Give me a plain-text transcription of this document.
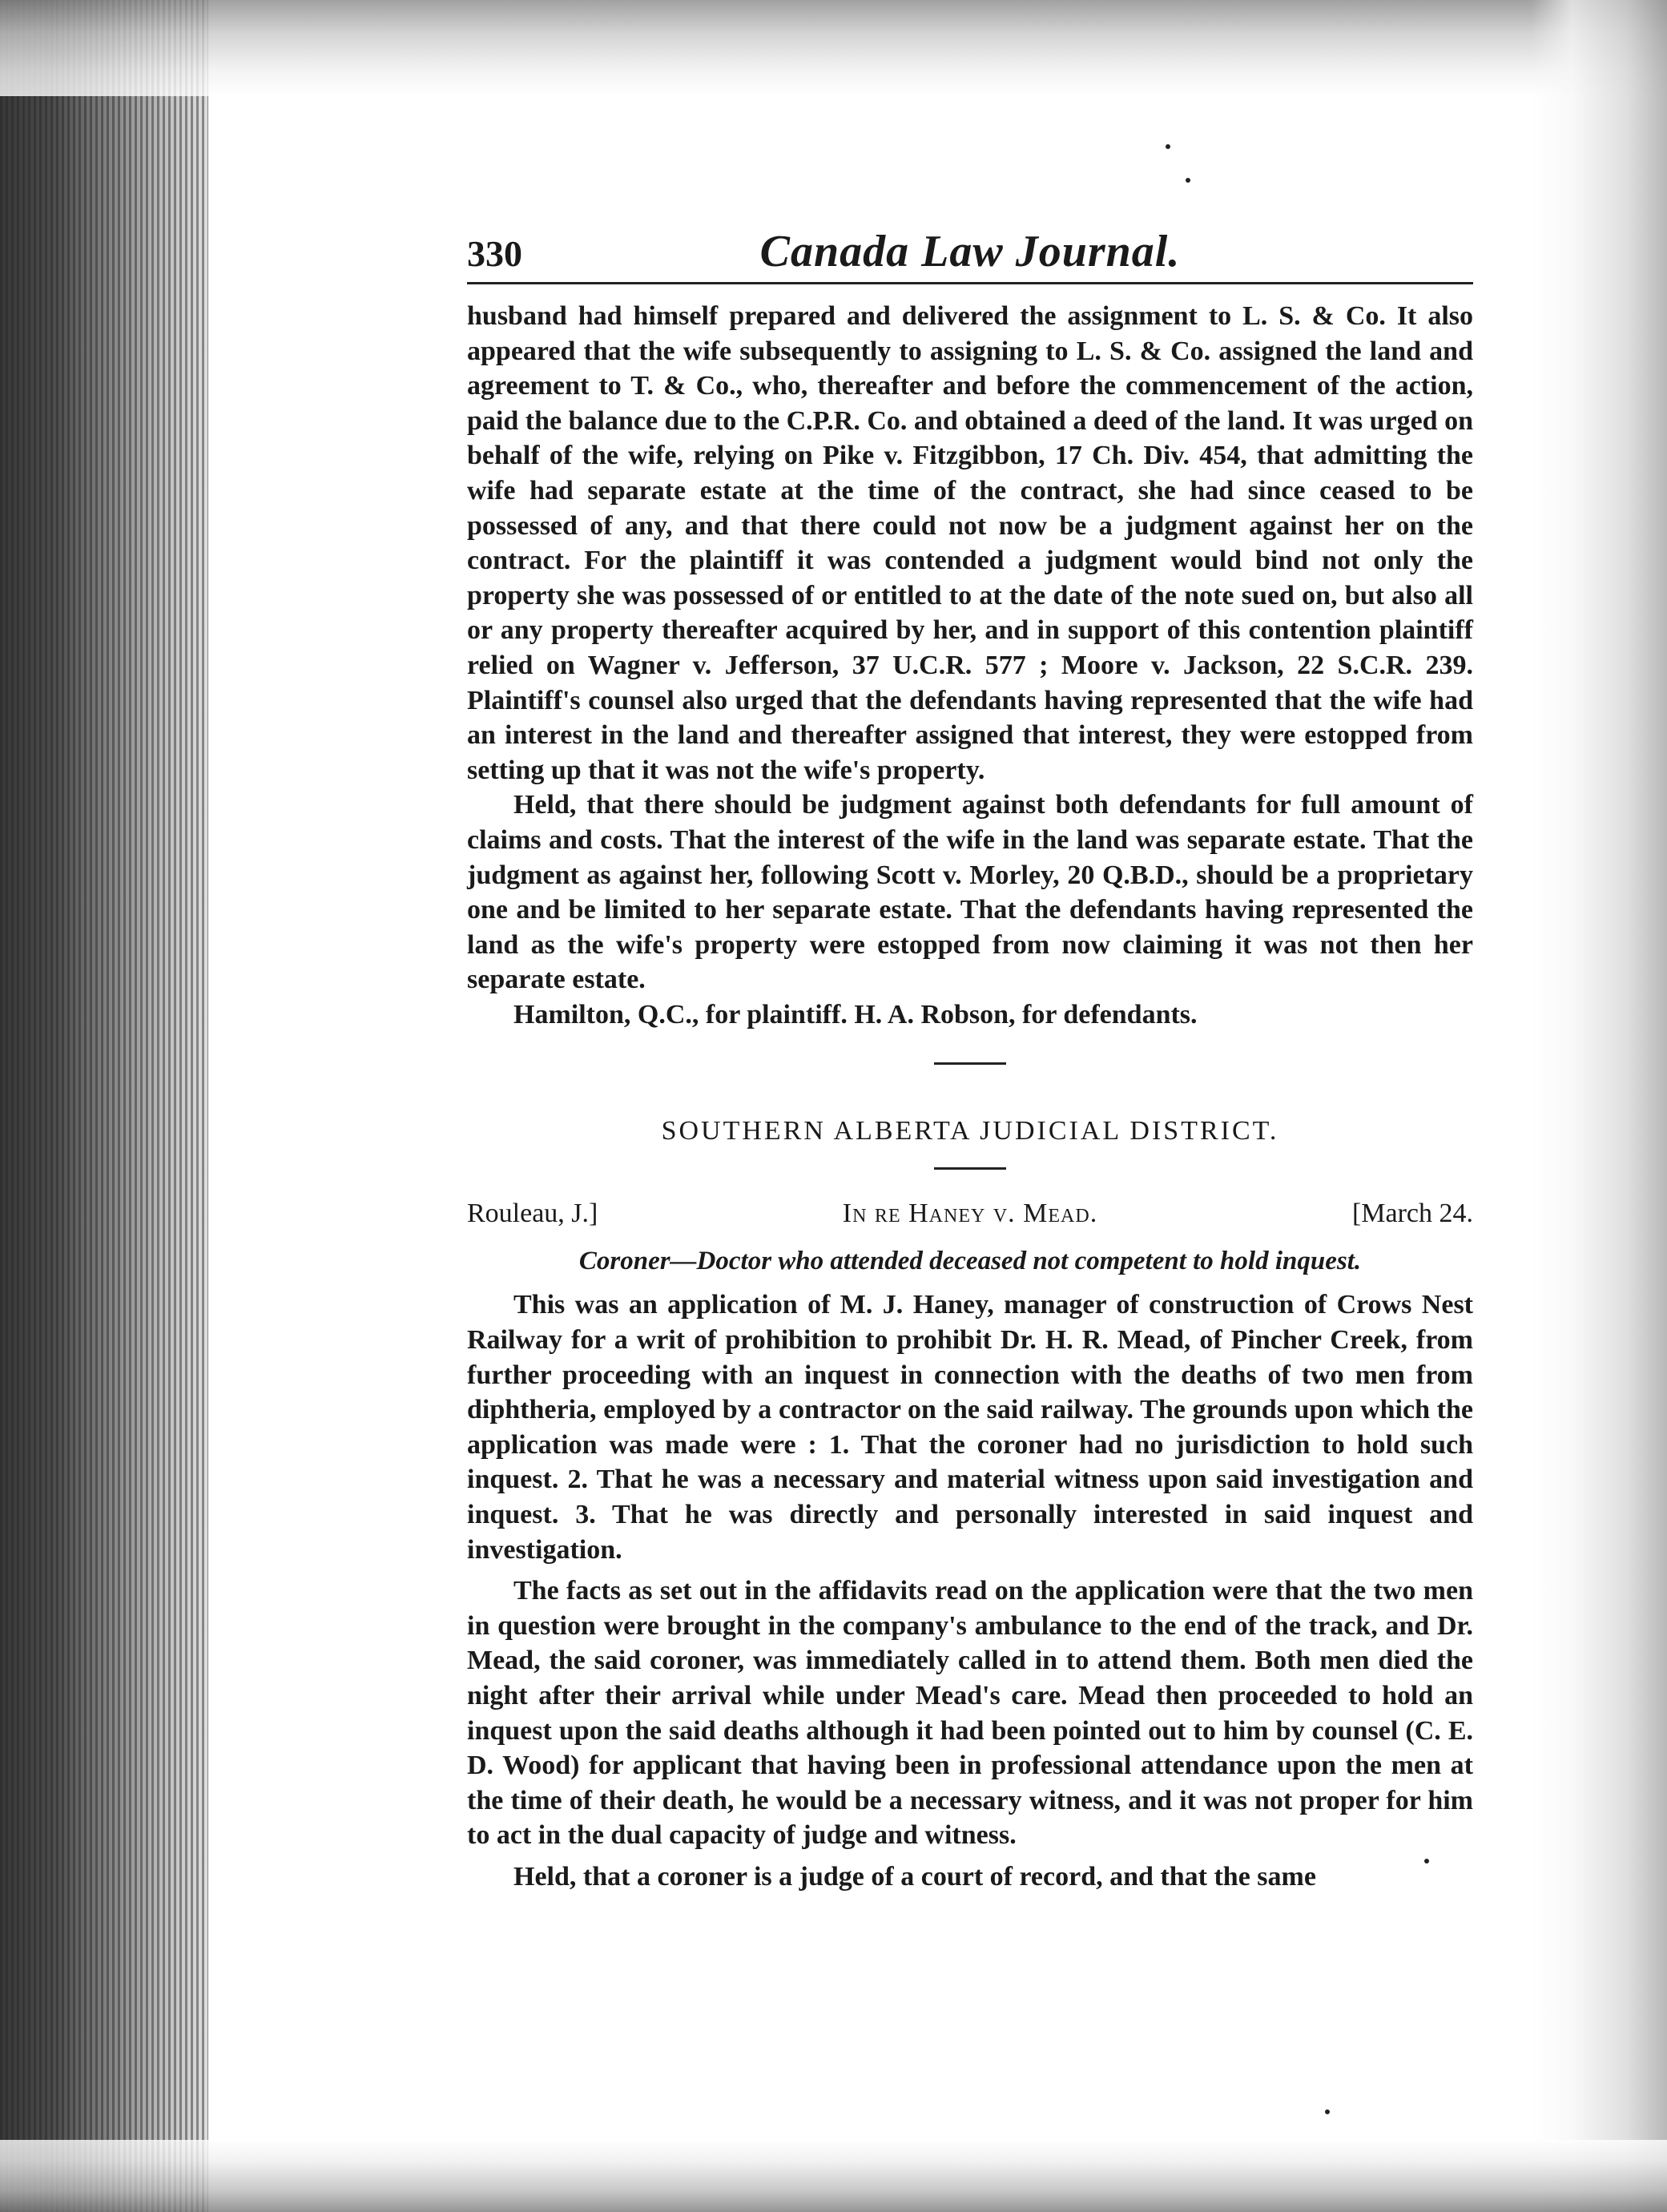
330	Canada Law Journal.

husband had himself prepared and delivered the assignment to L. S. & Co. It also appeared that the wife subsequently to assigning to L. S. & Co. assigned the land and agreement to T. & Co., who, thereafter and before the commencement of the action, paid the balance due to the C.P.R. Co. and obtained a deed of the land. It was urged on behalf of the wife, relying on Pike v. Fitzgibbon, 17 Ch. Div. 454, that admitting the wife had separate estate at the time of the contract, she had since ceased to be possessed of any, and that there could not now be a judgment against her on the contract. For the plaintiff it was contended a judgment would bind not only the property she was possessed of or entitled to at the date of the note sued on, but also all or any property thereafter acquired by her, and in support of this contention plaintiff relied on Wagner v. Jefferson, 37 U.C.R. 577 ; Moore v. Jackson, 22 S.C.R. 239. Plaintiff's counsel also urged that the defendants having represented that the wife had an interest in the land and thereafter assigned that interest, they were estopped from setting up that it was not the wife's property.

Held, that there should be judgment against both defendants for full amount of claims and costs. That the interest of the wife in the land was separate estate. That the judgment as against her, following Scott v. Morley, 20 Q.B.D., should be a proprietary one and be limited to her separate estate. That the defendants having represented the land as the wife's property were estopped from now claiming it was not then her separate estate.

Hamilton, Q.C., for plaintiff. H. A. Robson, for defendants.

SOUTHERN ALBERTA JUDICIAL DISTRICT.
Rouleau, J.]	In re Haney v. Mead.	[March 24.
Coroner—Doctor who attended deceased not competent to hold inquest.

This was an application of M. J. Haney, manager of construction of Crows Nest Railway for a writ of prohibition to prohibit Dr. H. R. Mead, of Pincher Creek, from further proceeding with an inquest in connection with the deaths of two men from diphtheria, employed by a contractor on the said railway. The grounds upon which the application was made were : 1. That the coroner had no jurisdiction to hold such inquest. 2. That he was a necessary and material witness upon said investigation and inquest. 3. That he was directly and personally interested in said inquest and investigation.

The facts as set out in the affidavits read on the application were that the two men in question were brought in the company's ambulance to the end of the track, and Dr. Mead, the said coroner, was immediately called in to attend them. Both men died the night after their arrival while under Mead's care. Mead then proceeded to hold an inquest upon the said deaths although it had been pointed out to him by counsel (C. E. D. Wood) for applicant that having been in professional attendance upon the men at the time of their death, he would be a necessary witness, and it was not proper for him to act in the dual capacity of judge and witness.

Held, that a coroner is a judge of a court of record, and that the same
